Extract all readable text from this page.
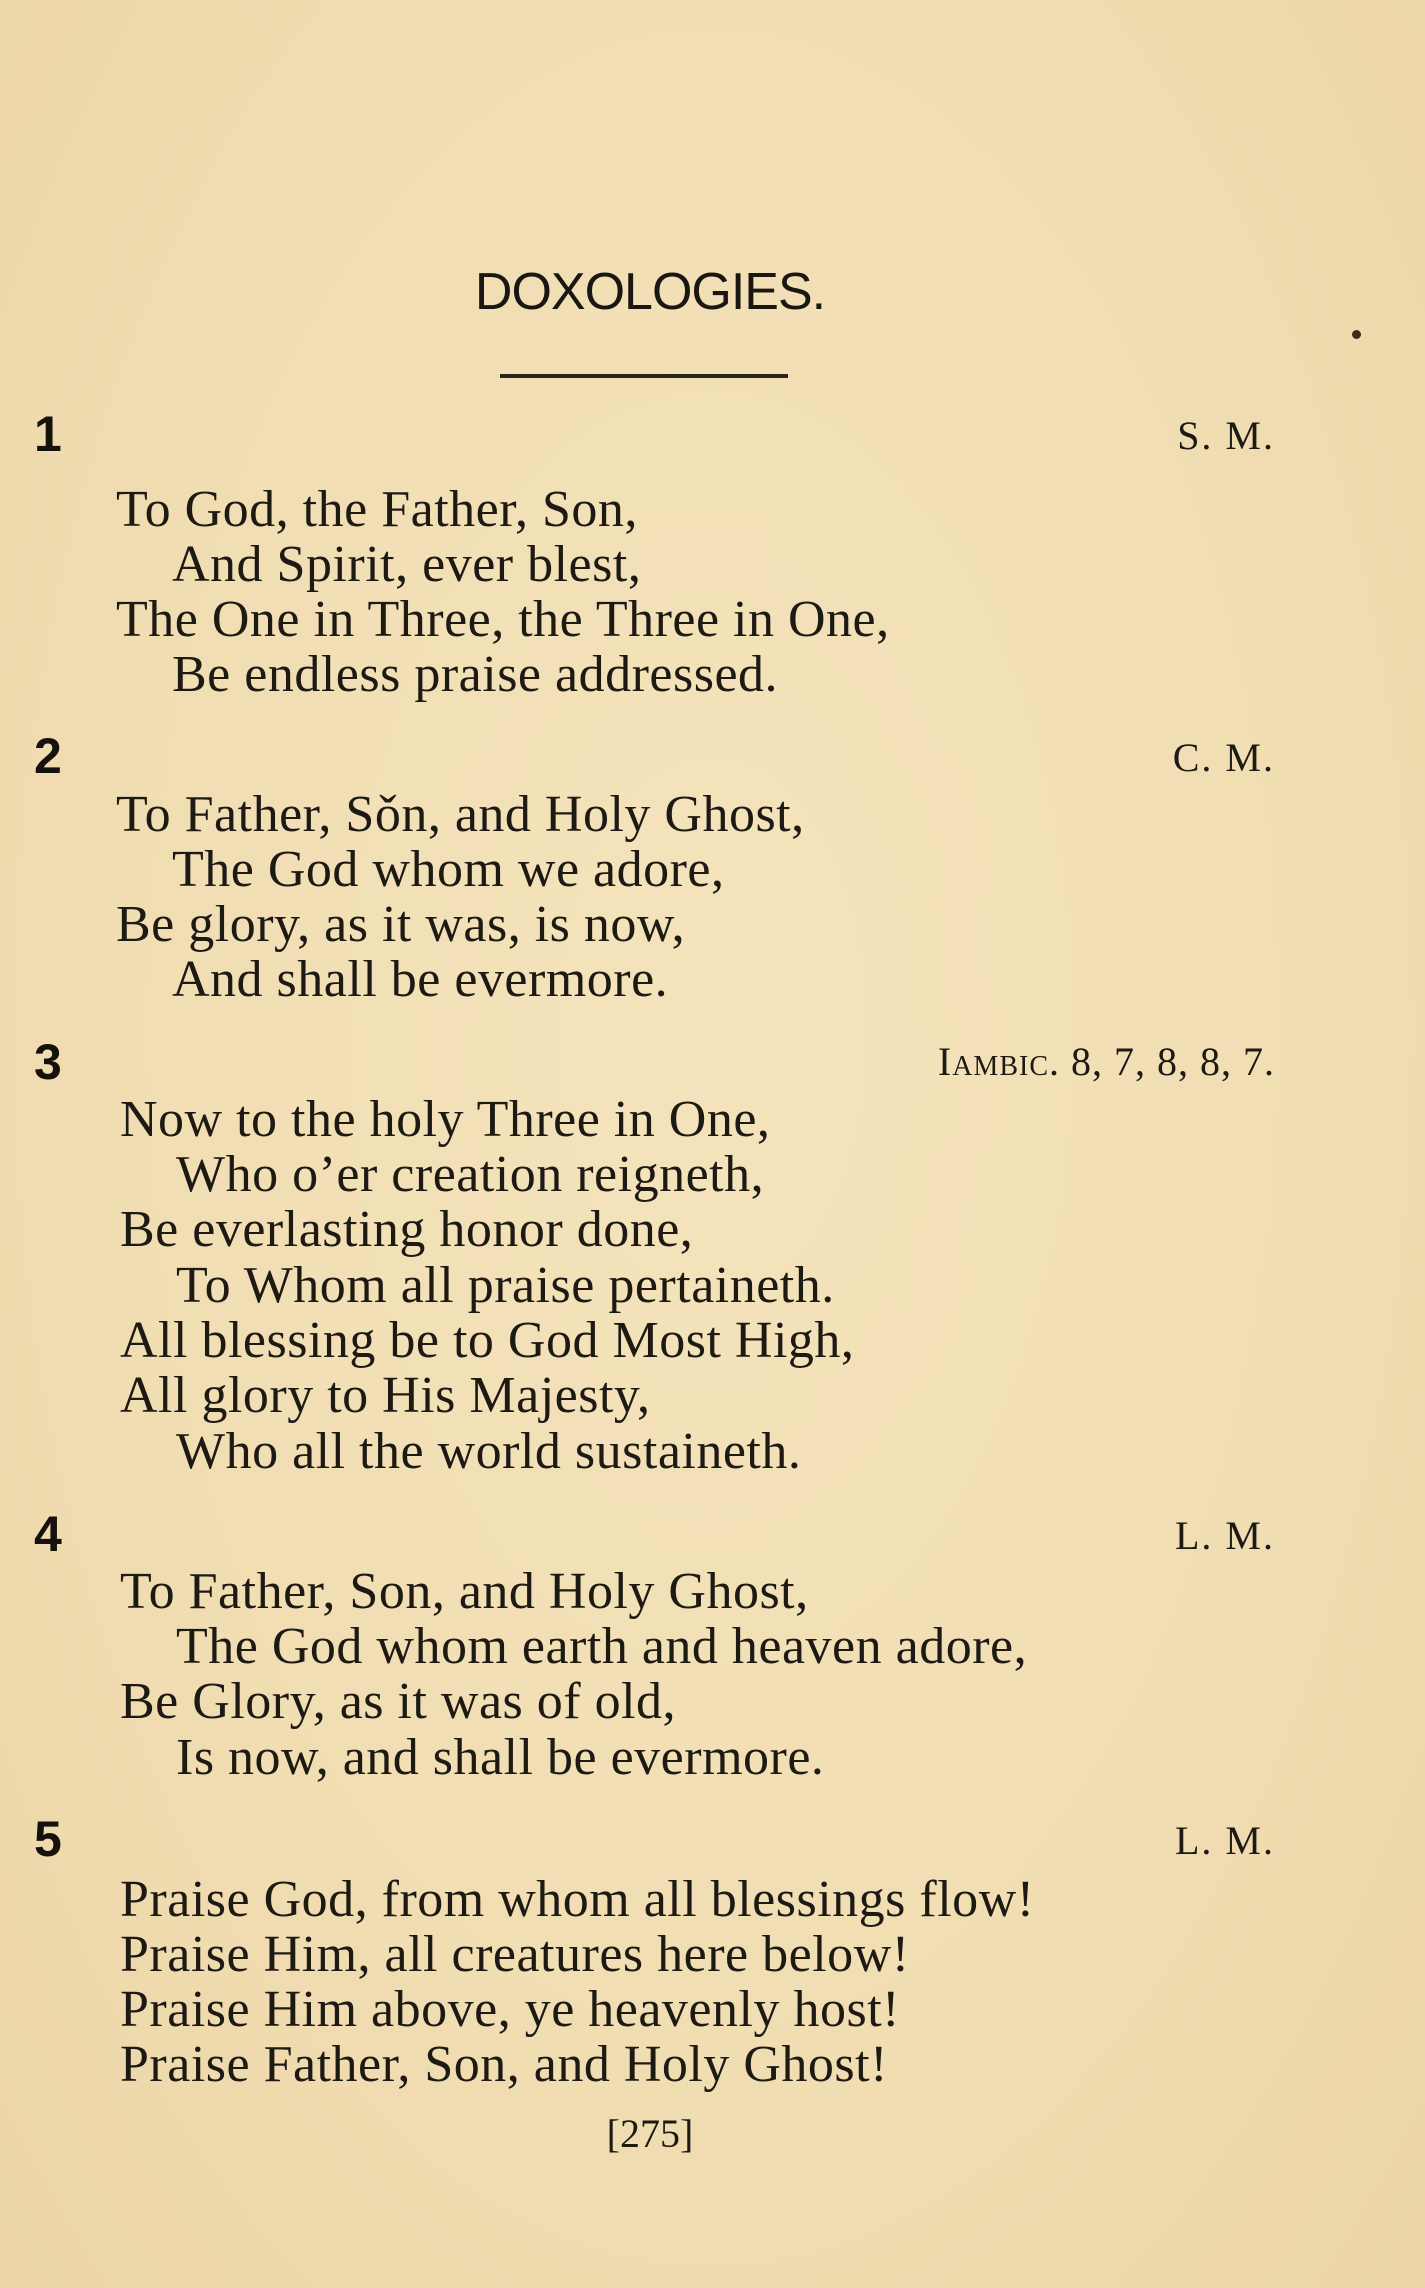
DOXOLOGIES.
1	S. M.
To God, the Father, Son,
And Spirit, ever blest,
The One in Three, the Three in One,
Be endless praise addressed.
2	C. M.
To Father, Sǒn, and Holy Ghost,
The God whom we adore,
Be glory, as it was, is now,
And shall be evermore.
3	Iambic. 8, 7, 8, 8, 7.
Now to the holy Three in One,
Who o’er creation reigneth,
Be everlasting honor done,
To Whom all praise pertaineth.
All blessing be to God Most High,
All glory to His Majesty,
Who all the world sustaineth.
4	L. M.
To Father, Son, and Holy Ghost,
The God whom earth and heaven adore,
Be Glory, as it was of old,
Is now, and shall be evermore.
5	L. M.
Praise God, from whom all blessings flow!
Praise Him, all creatures here below!
Praise Him above, ye heavenly host!
Praise Father, Son, and Holy Ghost!
[275]
